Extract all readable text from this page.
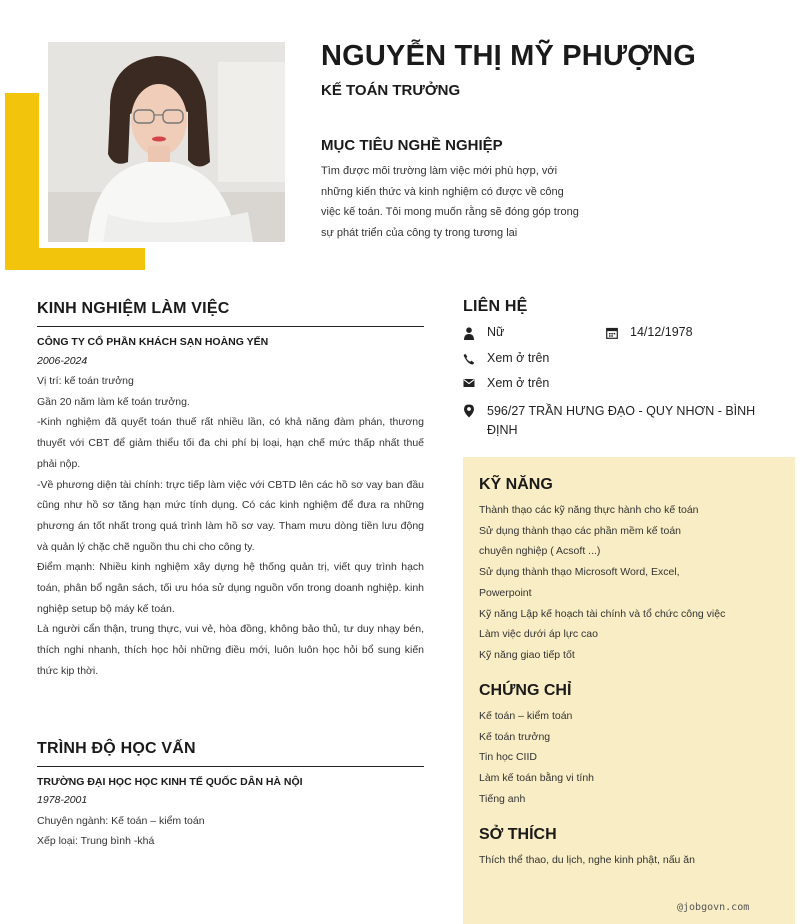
NGUYỄN THỊ MỸ PHƯỢNG
KẾ TOÁN TRƯỞNG
MỤC TIÊU NGHỀ NGHIỆP
Tìm được môi trường làm việc mới phù hợp, với những kiến thức và kinh nghiệm có được về công việc kế toán. Tôi mong muốn rằng sẽ đóng góp trong sự phát triển của công ty trong tương lai
KINH NGHIỆM LÀM VIỆC
CÔNG TY CỔ PHẦN KHÁCH SẠN HOÀNG YẾN
2006-2024

Vị trí: kế toán trưởng

Gần 20 năm làm kế toán trưởng.

-Kinh nghiệm đã quyết toán thuế rất nhiều lần, có khả năng đàm phán, thương thuyết với CBT để giảm thiểu tối đa chi phí bị loại, hạn chế mức thấp nhất thuế phải nộp.

-Về phương diện tài chính: trực tiếp làm việc với CBTD lên các hồ sơ vay ban đầu cũng như hồ sơ tăng hạn mức tính dụng. Có các kinh nghiệm để đưa ra những phương án tốt nhất trong quá trình làm hồ sơ vay. Tham mưu dòng tiền lưu động và quản lý chặc chẽ nguồn thu chi cho công ty.

Điểm mạnh: Nhiều kinh nghiệm xây dựng hệ thống quản trị, viết quy trình hạch toán, phân bổ ngân sách, tối ưu hóa sử dụng nguồn vốn trong doanh nghiệp. kinh nghiệp setup bộ máy kế toán.

Là người cẩn thận, trung thực, vui vẻ, hòa đồng, không bảo thủ, tư duy nhạy bén, thích nghi nhanh, thích học hỏi những điều mới, luôn luôn học hỏi bổ sung kiến thức kịp thời.

TRÌNH ĐỘ HỌC VẤN
TRƯỜNG ĐẠI HỌC HỌC KINH TẾ QUỐC DÂN HÀ NỘI
1978-2001

Chuyên ngành: Kế toán – kiểm toán

Xếp loại: Trung bình -khá

LIÊN HỆ
Nữ	14/12/1978
Xem ở trên
Xem ở trên
596/27 TRẦN HƯNG ĐẠO - QUY NHƠN - BÌNH ĐỊNH
KỸ NĂNG

Thành thạo các kỹ năng thực hành cho kế toán

Sử dụng thành thạo các phần mềm kế toán chuyên nghiệp ( Acsoft ...)

Sử dụng thành thạo Microsoft Word, Excel, Powerpoint

Kỹ năng Lập kế hoạch tài chính và tổ chức công việc

Làm việc dưới áp lực cao

Kỹ năng giao tiếp tốt

CHỨNG CHỈ

Kế toán – kiểm toán

Kế toán trưởng

Tin học CIID

Làm kế toán bằng vi tính

Tiếng anh

SỞ THÍCH
Thích thể thao, du lịch, nghe kinh phật, nấu ăn
@jobgovn.com
